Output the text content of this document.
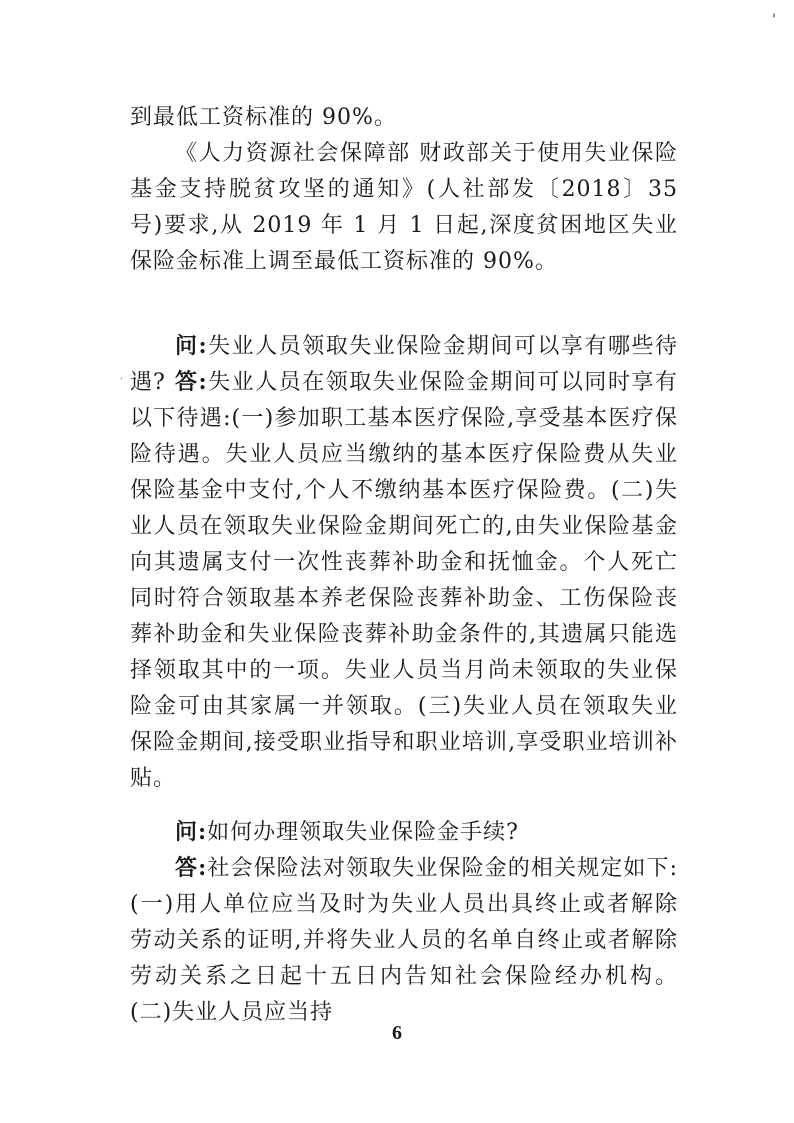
'
·

到最低工资标准的 90%。

《人力资源社会保障部 财政部关于使用失业保险基金支持脱贫攻坚的通知》(人社部发〔2018〕35 号)要求,从 2019 年 1 月 1 日起,深度贫困地区失业保险金标准上调至最低工资标准的 90%。

问:失业人员领取失业保险金期间可以享有哪些待遇? 答:失业人员在领取失业保险金期间可以同时享有以下待遇:(一)参加职工基本医疗保险,享受基本医疗保险待遇。失业人员应当缴纳的基本医疗保险费从失业保险基金中支付,个人不缴纳基本医疗保险费。(二)失业人员在领取失业保险金期间死亡的,由失业保险基金向其遗属支付一次性丧葬补助金和抚恤金。个人死亡同时符合领取基本养老保险丧葬补助金、工伤保险丧葬补助金和失业保险丧葬补助金条件的,其遗属只能选择领取其中的一项。失业人员当月尚未领取的失业保险金可由其家属一并领取。(三)失业人员在领取失业保险金期间,接受职业指导和职业培训,享受职业培训补贴。

问:如何办理领取失业保险金手续?

答:社会保险法对领取失业保险金的相关规定如下:(一)用人单位应当及时为失业人员出具终止或者解除劳动关系的证明,并将失业人员的名单自终止或者解除劳动关系之日起十五日内告知社会保险经办机构。(二)失业人员应当持

6
